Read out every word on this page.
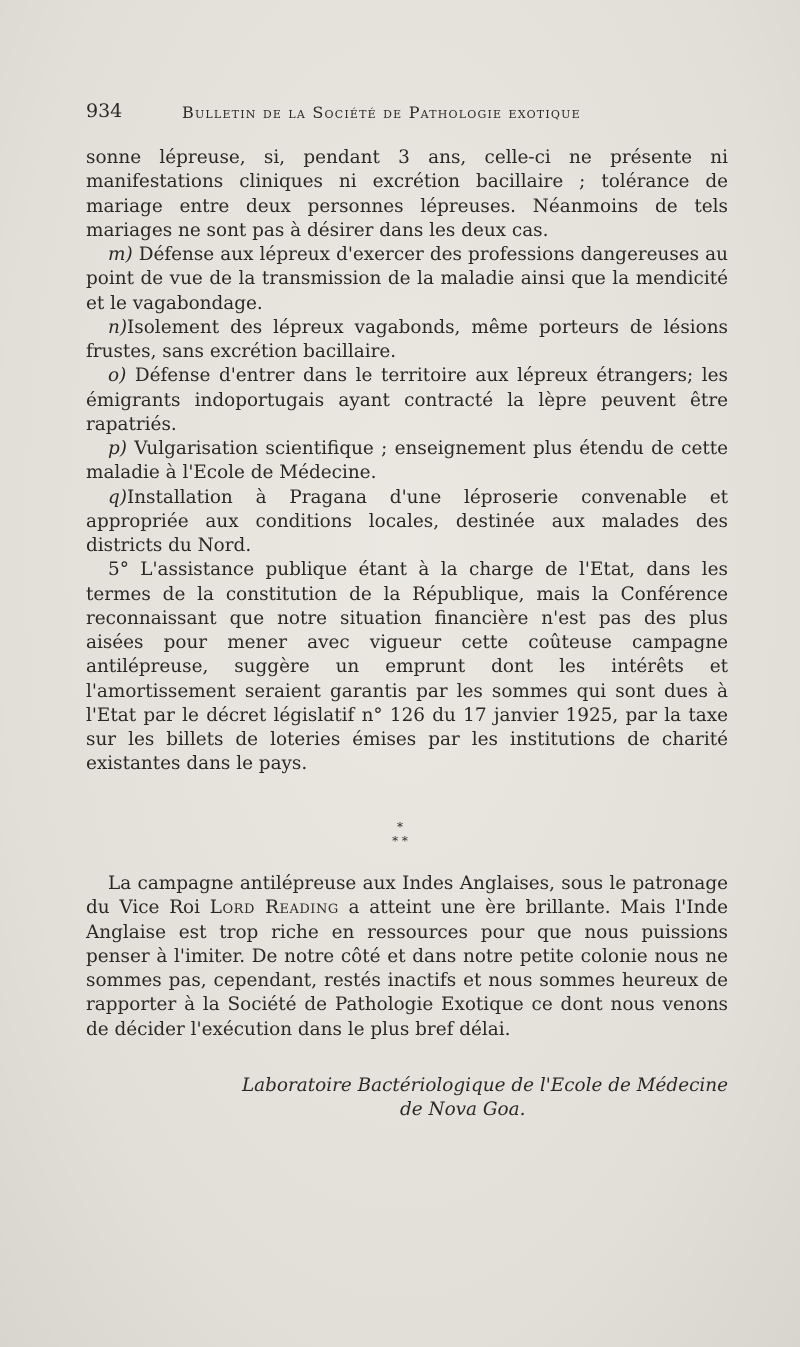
934	Bulletin de la Société de Pathologie exotique

sonne lépreuse, si, pendant 3 ans, celle-ci ne présente ni manifestations cliniques ni excrétion bacillaire ; tolérance de mariage entre deux personnes lépreuses. Néanmoins de tels mariages ne sont pas à désirer dans les deux cas.

m) Défense aux lépreux d'exercer des professions dangereuses au point de vue de la transmission de la maladie ainsi que la mendicité et le vagabondage.

n)Isolement des lépreux vagabonds, même porteurs de lésions frustes, sans excrétion bacillaire.

o) Défense d'entrer dans le territoire aux lépreux étrangers; les émigrants indoportugais ayant contracté la lèpre peuvent être rapatriés.

p) Vulgarisation scientifique ; enseignement plus étendu de cette maladie à l'Ecole de Médecine.

q)Installation à Pragana d'une léproserie convenable et appropriée aux conditions locales, destinée aux malades des districts du Nord.

5° L'assistance publique étant à la charge de l'Etat, dans les termes de la constitution de la République, mais la Conférence reconnaissant que notre situation financière n'est pas des plus aisées pour mener avec vigueur cette coûteuse campagne antilépreuse, suggère un emprunt dont les intérêts et l'amortissement seraient garantis par les sommes qui sont dues à l'Etat par le décret législatif n° 126 du 17 janvier 1925, par la taxe sur les billets de loteries émises par les institutions de charité existantes dans le pays.

*
* *

La campagne antilépreuse aux Indes Anglaises, sous le patronage du Vice Roi Lord Reading a atteint une ère brillante. Mais l'Inde Anglaise est trop riche en ressources pour que nous puissions penser à l'imiter. De notre côté et dans notre petite colonie nous ne sommes pas, cependant, restés inactifs et nous sommes heureux de rapporter à la Société de Pathologie Exotique ce dont nous venons de décider l'exécution dans le plus bref délai.

Laboratoire Bactériologique de l'Ecole de Médecine
de Nova Goa.
